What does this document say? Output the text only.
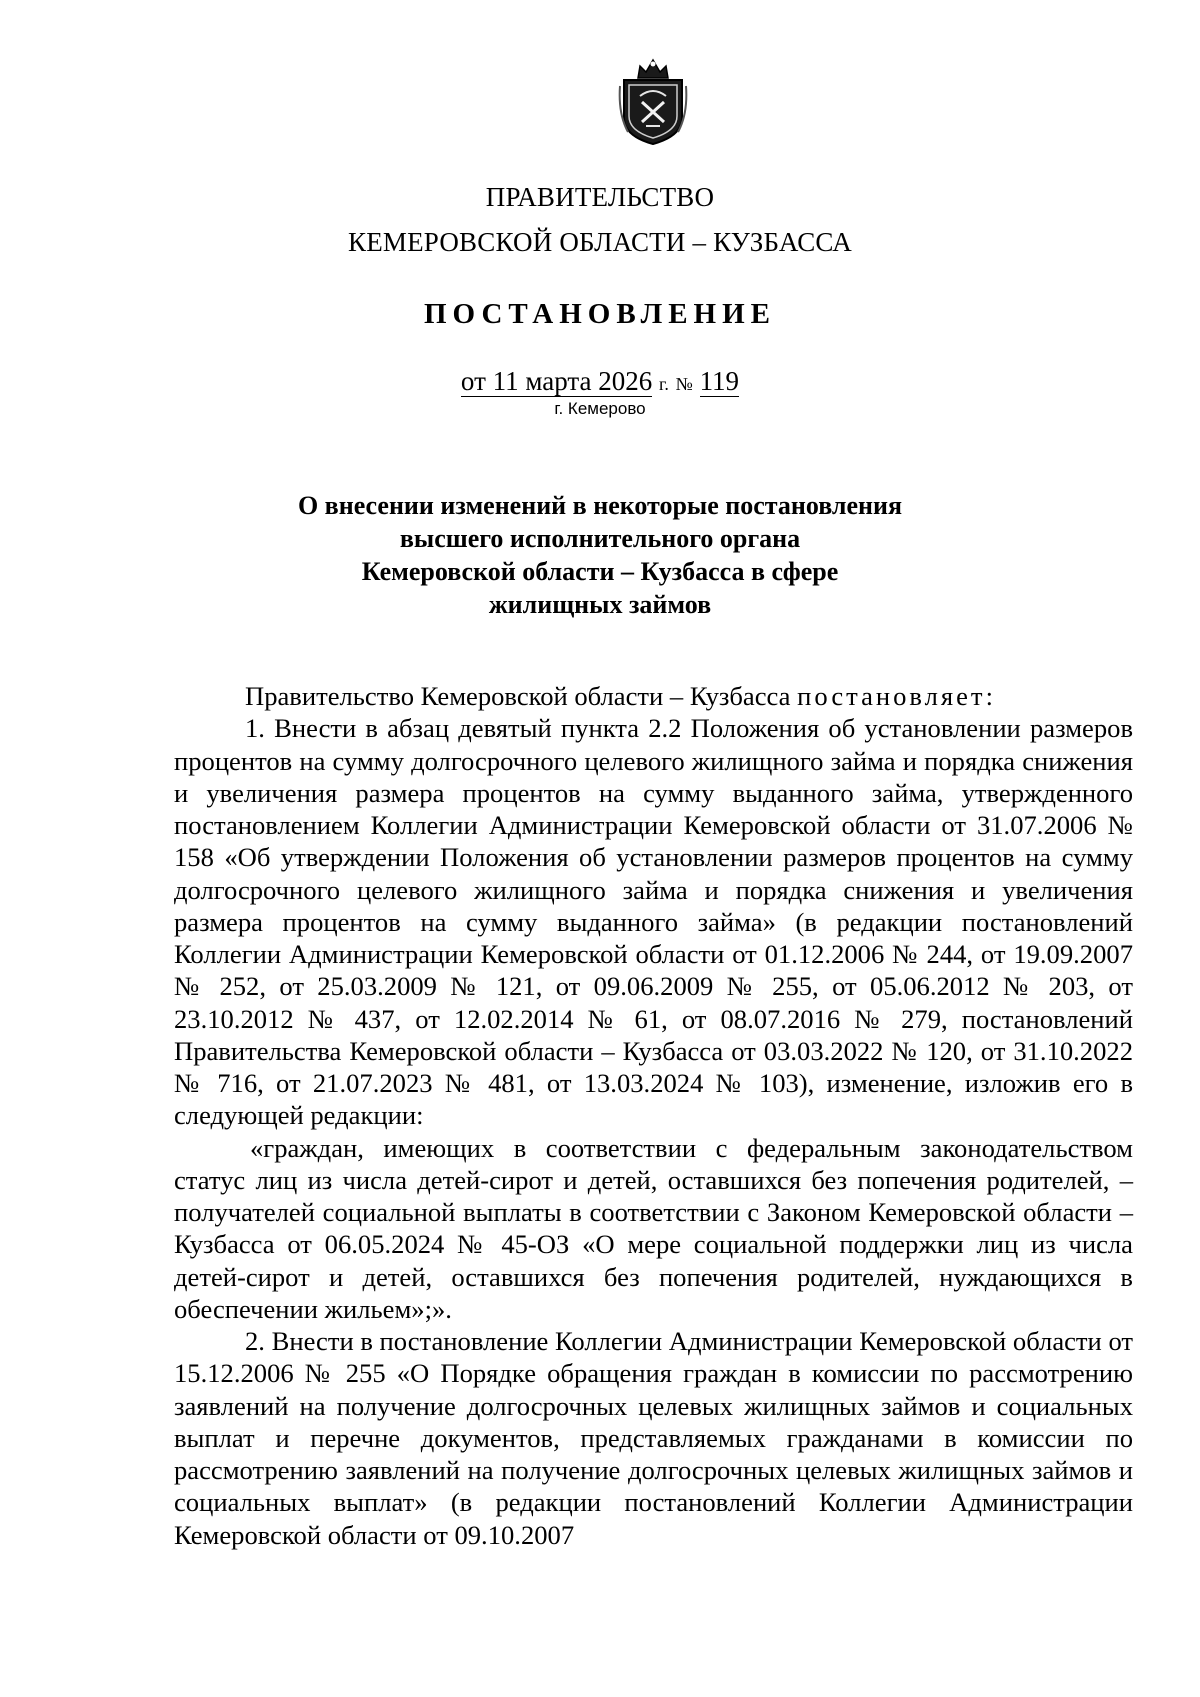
ПРАВИТЕЛЬСТВО
КЕМЕРОВСКОЙ ОБЛАСТИ – КУЗБАССА
ПОСТАНОВЛЕНИЕ
от 11 марта 2026 г. № 119
г. Кемерово
О внесении изменений в некоторые постановления
высшего исполнительного органа
Кемеровской области – Кузбасса в сфере
жилищных займов

Правительство Кемеровской области – Кузбасса постановляет:

1. Внести в абзац девятый пункта 2.2 Положения об установлении размеров процентов на сумму долгосрочного целевого жилищного займа и порядка снижения и увеличения размера процентов на сумму выданного займа, утвержденного постановлением Коллегии Администрации Кемеровской области от 31.07.2006 № 158 «Об утверждении Положения об установлении размеров процентов на сумму долгосрочного целевого жилищного займа и порядка снижения и увеличения размера процентов на сумму выданного займа» (в редакции постановлений Коллегии Администрации Кемеровской области от 01.12.2006 № 244, от 19.09.2007 № 252, от 25.03.2009 № 121, от 09.06.2009 № 255, от 05.06.2012 № 203, от 23.10.2012 № 437, от 12.02.2014 № 61, от 08.07.2016 № 279, постановлений Правительства Кемеровской области – Кузбасса от 03.03.2022 № 120, от 31.10.2022 № 716, от 21.07.2023 № 481, от 13.03.2024 № 103), изменение, изложив его в следующей редакции:

«граждан, имеющих в соответствии с федеральным законодательством статус лиц из числа детей-сирот и детей, оставшихся без попечения родителей, – получателей социальной выплаты в соответствии с Законом Кемеровской области – Кузбасса от 06.05.2024 № 45-ОЗ «О мере социальной поддержки лиц из числа детей-сирот и детей, оставшихся без попечения родителей, нуждающихся в обеспечении жильем»;».

2. Внести в постановление Коллегии Администрации Кемеровской области от 15.12.2006 № 255 «О Порядке обращения граждан в комиссии по рассмотрению заявлений на получение долгосрочных целевых жилищных займов и социальных выплат и перечне документов, представляемых гражданами в комиссии по рассмотрению заявлений на получение долгосрочных целевых жилищных займов и социальных выплат» (в редакции постановлений Коллегии Администрации Кемеровской области от 09.10.2007
